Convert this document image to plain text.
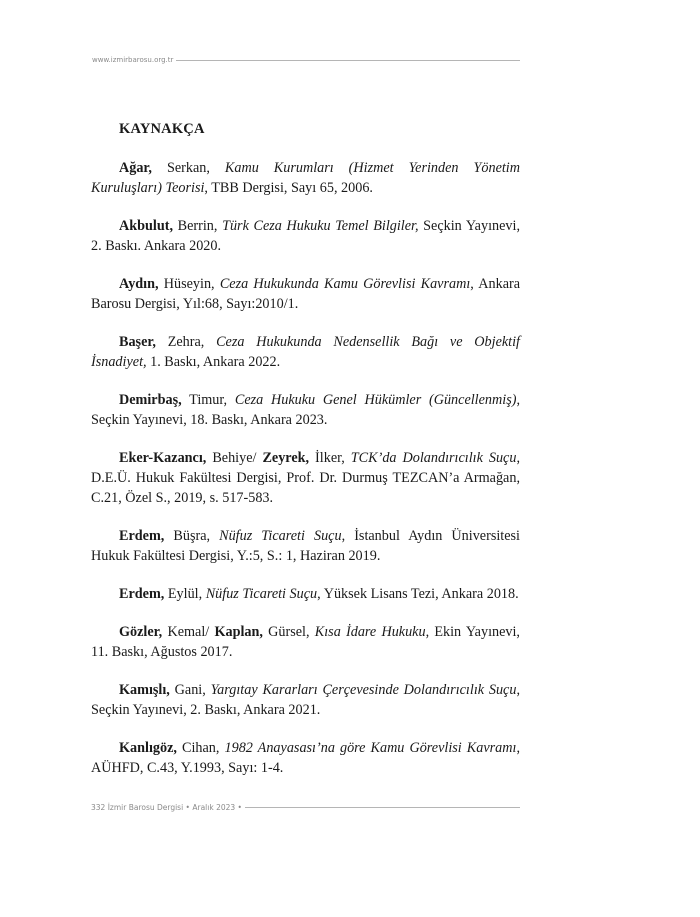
www.izmirbarosu.org.tr
KAYNAKÇA

Ağar, Serkan, Kamu Kurumları (Hizmet Yerinden Yönetim Kuruluşları) Teorisi, TBB Dergisi, Sayı 65, 2006.

Akbulut, Berrin, Türk Ceza Hukuku Temel Bilgiler, Seçkin Yayınevi, 2. Baskı. Ankara 2020.

Aydın, Hüseyin, Ceza Hukukunda Kamu Görevlisi Kavramı, Ankara Barosu Dergisi, Yıl:68, Sayı:2010/1.

Başer, Zehra, Ceza Hukukunda Nedensellik Bağı ve Objektif İsnadiyet, 1. Baskı, Ankara 2022.

Demirbaş, Timur, Ceza Hukuku Genel Hükümler (Güncellenmiş), Seçkin Yayınevi, 18. Baskı, Ankara 2023.

Eker-Kazancı, Behiye/ Zeyrek, İlker, TCK’da Dolandırıcılık Suçu, D.E.Ü. Hukuk Fakültesi Dergisi, Prof. Dr. Durmuş TEZCAN’a Armağan, C.21, Özel S., 2019, s. 517-583.

Erdem, Büşra, Nüfuz Ticareti Suçu, İstanbul Aydın Üniversitesi Hukuk Fakültesi Dergisi, Y.:5, S.: 1, Haziran 2019.

Erdem, Eylül, Nüfuz Ticareti Suçu, Yüksek Lisans Tezi, Ankara 2018.

Gözler, Kemal/ Kaplan, Gürsel, Kısa İdare Hukuku, Ekin Yayınevi, 11. Baskı, Ağustos 2017.

Kamışlı, Gani, Yargıtay Kararları Çerçevesinde Dolandırıcılık Suçu, Seçkin Yayınevi, 2. Baskı, Ankara 2021.

Kanlıgöz, Cihan, 1982 Anayasası’na göre Kamu Görevlisi Kavramı, AÜHFD, C.43, Y.1993, Sayı: 1-4.

332 İzmir Barosu Dergisi • Aralık 2023 •
